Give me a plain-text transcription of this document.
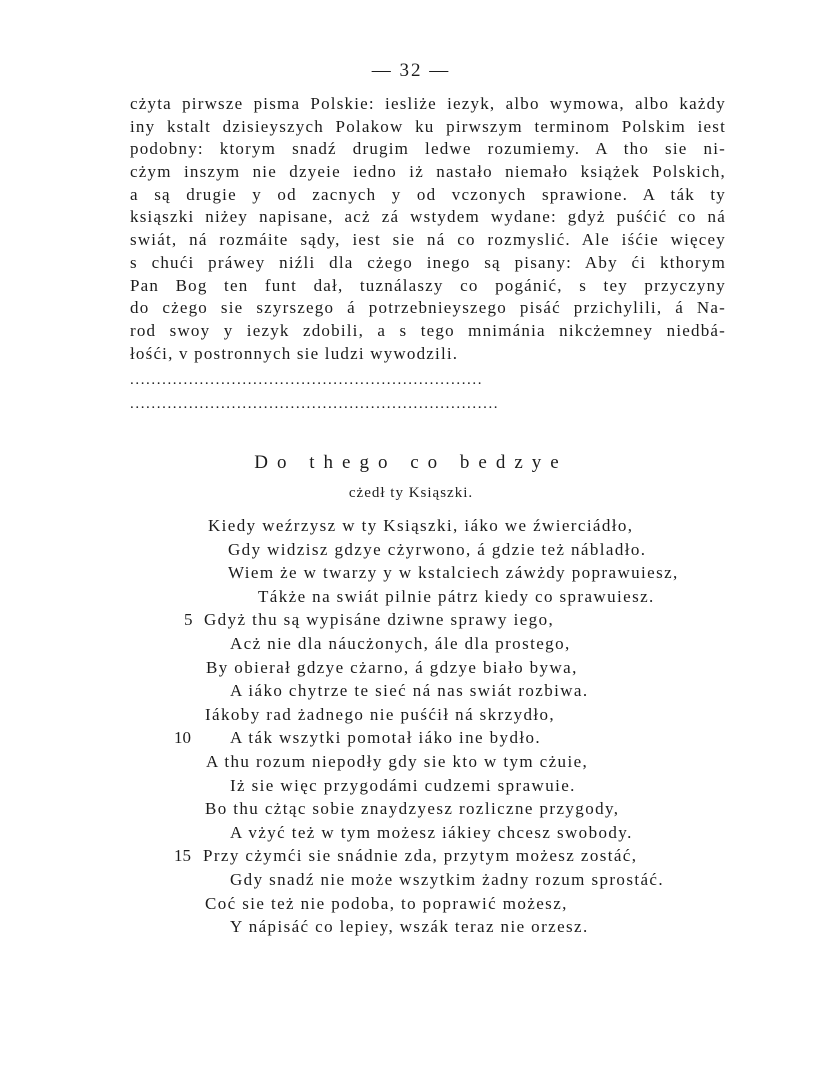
— 32 —
cżyta pirwsze pisma Polskie: iesliże iezyk, albo wymowa, albo każdy
iny kstalt dzisieyszych Polakow ku pirwszym terminom Polskim iest
podobny: ktorym snadź drugim ledwe rozumiemy. A tho sie ni-
cżym inszym nie dzyeie iedno iż nastało niemało książek Polskich,
a są drugie y od zacnych y od vczonych sprawione. A ták ty
ksiąszki niżey napisane, acż zá wstydem wydane: gdyż puśćić co ná
swiát, ná rozmáite sądy, iest sie ná co rozmyslić. Ale iśćie więcey
s chući práwey niźli dla cżego inego są pisany: Aby ći kthorym
Pan Bog ten funt dał, tuználaszy co pogánić, s tey przyczyny
do cżego sie szyrszego á potrzebnieyszego pisáć przichylili, á Na-
rod swoy y iezyk zdobili, a s tego mnimánia nikcżemney niedbá-
łośći, v postronnych sie ludzi wywodzili.
..................................................................
.....................................................................
Do thego co bedzye
cżedł ty Ksiąszki.
Kiedy weźrzysz w ty Ksiąszki, iáko we źwierciádło,
Gdy widzisz gdzye cżyrwono, á gdzie też nábladło.
Wiem że w twarzy y w kstalciech záwżdy poprawuiesz,
Tákże na swiát pilnie pátrz kiedy co sprawuiesz.
5 Gdyż thu są wypisáne dziwne sprawy iego,
Acż nie dla náucżonych, ále dla prostego,
By obierał gdzye cżarno, á gdzye biało bywa,
A iáko chytrze te sieć ná nas swiát rozbiwa.
Iákoby rad żadnego nie puśćił ná skrzydło,
10	A ták wszytki pomotał iáko ine bydło.
A thu rozum niepodły gdy sie kto w tym cżuie,
Iż sie więc przygodámi cudzemi sprawuie.
Bo thu cżtąc sobie znaydzyesz rozliczne przygody,
A vżyć też w tym możesz iákiey chcesz swobody.
15 Przy cżymći sie snádnie zda, przytym możesz zostáć,
Gdy snadź nie może wszytkim żadny rozum sprostáć.
Coć sie też nie podoba, to poprawić możesz,
Y nápisáć co lepiey, wszák teraz nie orzesz.
